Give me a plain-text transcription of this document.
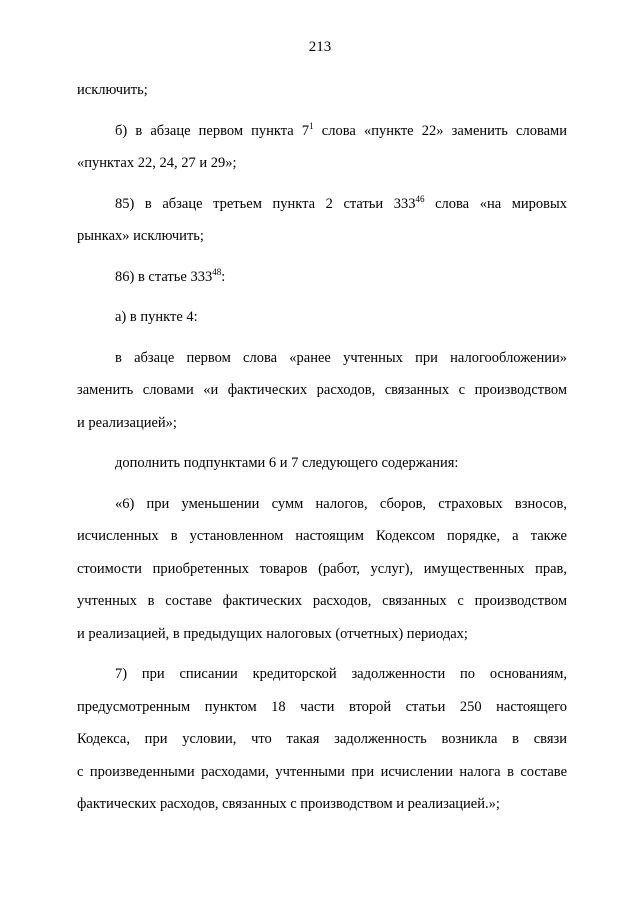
213
исключить;
б) в абзаце первом пункта $7^1$ слова «пункте 22» заменить словами
«пунктах 22, 24, 27 и 29»;
85) в абзаце третьем пункта 2 статьи $333^{46}$ слова «на мировых
рынках» исключить;
86) в статье $333^{48}$:
а) в пункте 4:
в абзаце первом слова «ранее учтенных при налогообложении»
заменить словами «и фактических расходов, связанных с производством
и реализацией»;
дополнить подпунктами 6 и 7 следующего содержания:
«6) при уменьшении сумм налогов, сборов, страховых взносов,
исчисленных в установленном настоящим Кодексом порядке, а также
стоимости приобретенных товаров (работ, услуг), имущественных прав,
учтенных в составе фактических расходов, связанных с производством
и реализацией, в предыдущих налоговых (отчетных) периодах;
7) при списании кредиторской задолженности по основаниям,
предусмотренным пунктом 18 части второй статьи 250 настоящего
Кодекса, при условии, что такая задолженность возникла в связи
с произведенными расходами, учтенными при исчислении налога в составе
фактических расходов, связанных с производством и реализацией.»;
